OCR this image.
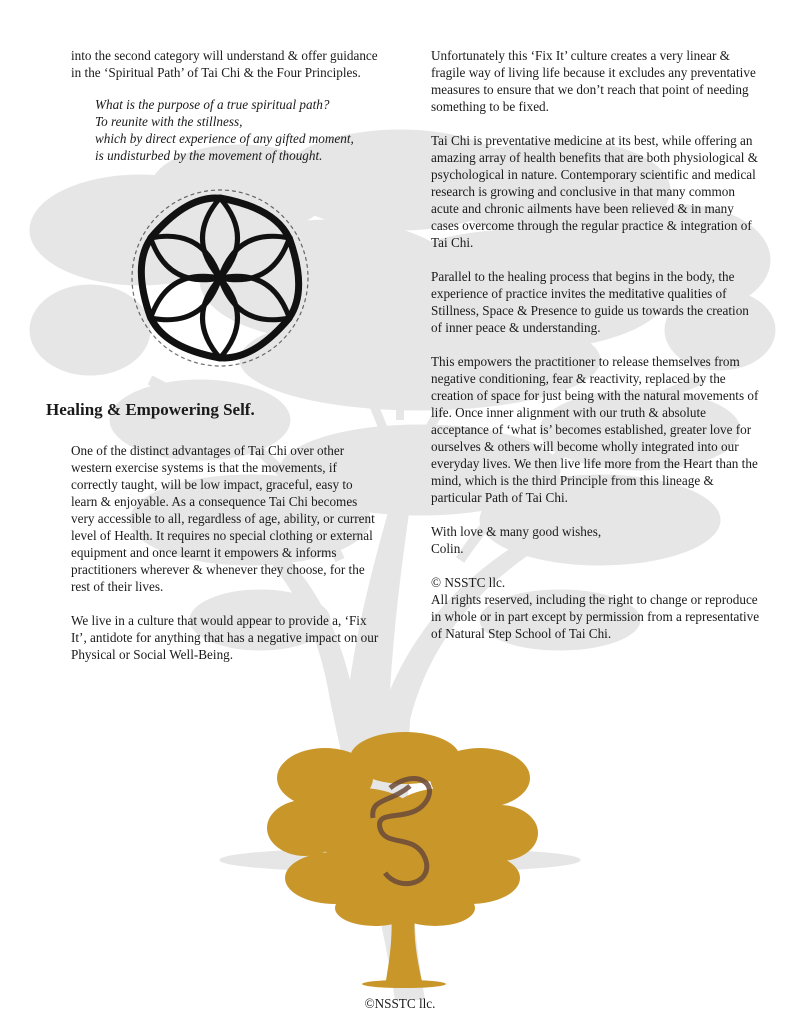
into the second category will understand & offer guidance
in the ‘Spiritual Path’ of Tai Chi & the Four Principles.
What is the purpose of a true spiritual path?
To reunite with the stillness,
which by direct experience of any gifted moment,
is undisturbed by the movement of thought.
Healing & Empowering Self.

One of the distinct advantages of Tai Chi over other western exercise systems is that the movements, if correctly taught, will be low impact, graceful, easy to learn & enjoyable. As a consequence Tai Chi becomes very accessible to all, regardless of age, ability, or current level of Health. It requires no special clothing or external equipment and once learnt it empowers & informs practitioners wherever & whenever they choose, for the rest of their lives.

We live in a culture that would appear to provide a, ‘Fix It’, antidote for anything that has a negative impact on our Physical or Social Well-Being.

Unfortunately this ‘Fix It’ culture creates a very linear & fragile way of living life because it excludes any preventative measures to ensure that we don’t reach that point of needing something to be fixed.

Tai Chi is preventative medicine at its best, while offering an amazing array of health benefits that are both physiological & psychological in nature. Contemporary scientific and medical research is growing and conclusive in that many common acute and chronic ailments have been relieved & in many cases overcome through the regular practice & integration of Tai Chi.

Parallel to the healing process that begins in the body, the experience of practice invites the meditative qualities of Stillness, Space & Presence to guide us towards the creation of inner peace & understanding.

This empowers the practitioner to release themselves from negative conditioning, fear & reactivity, replaced by the creation of space for just being with the natural movements of life. Once inner alignment with our truth & absolute acceptance of ‘what is’ becomes established, greater love for ourselves & others will become wholly integrated into our everyday lives. We then live life more from the Heart than the mind, which is the third Principle from this lineage & particular Path of Tai Chi.

With love & many good wishes,

Colin.

© NSSTC llc.

All rights reserved, including the right to change or reproduce in whole or in part except by permission from a representative of Natural Step School of Tai Chi.

©NSSTC llc.
